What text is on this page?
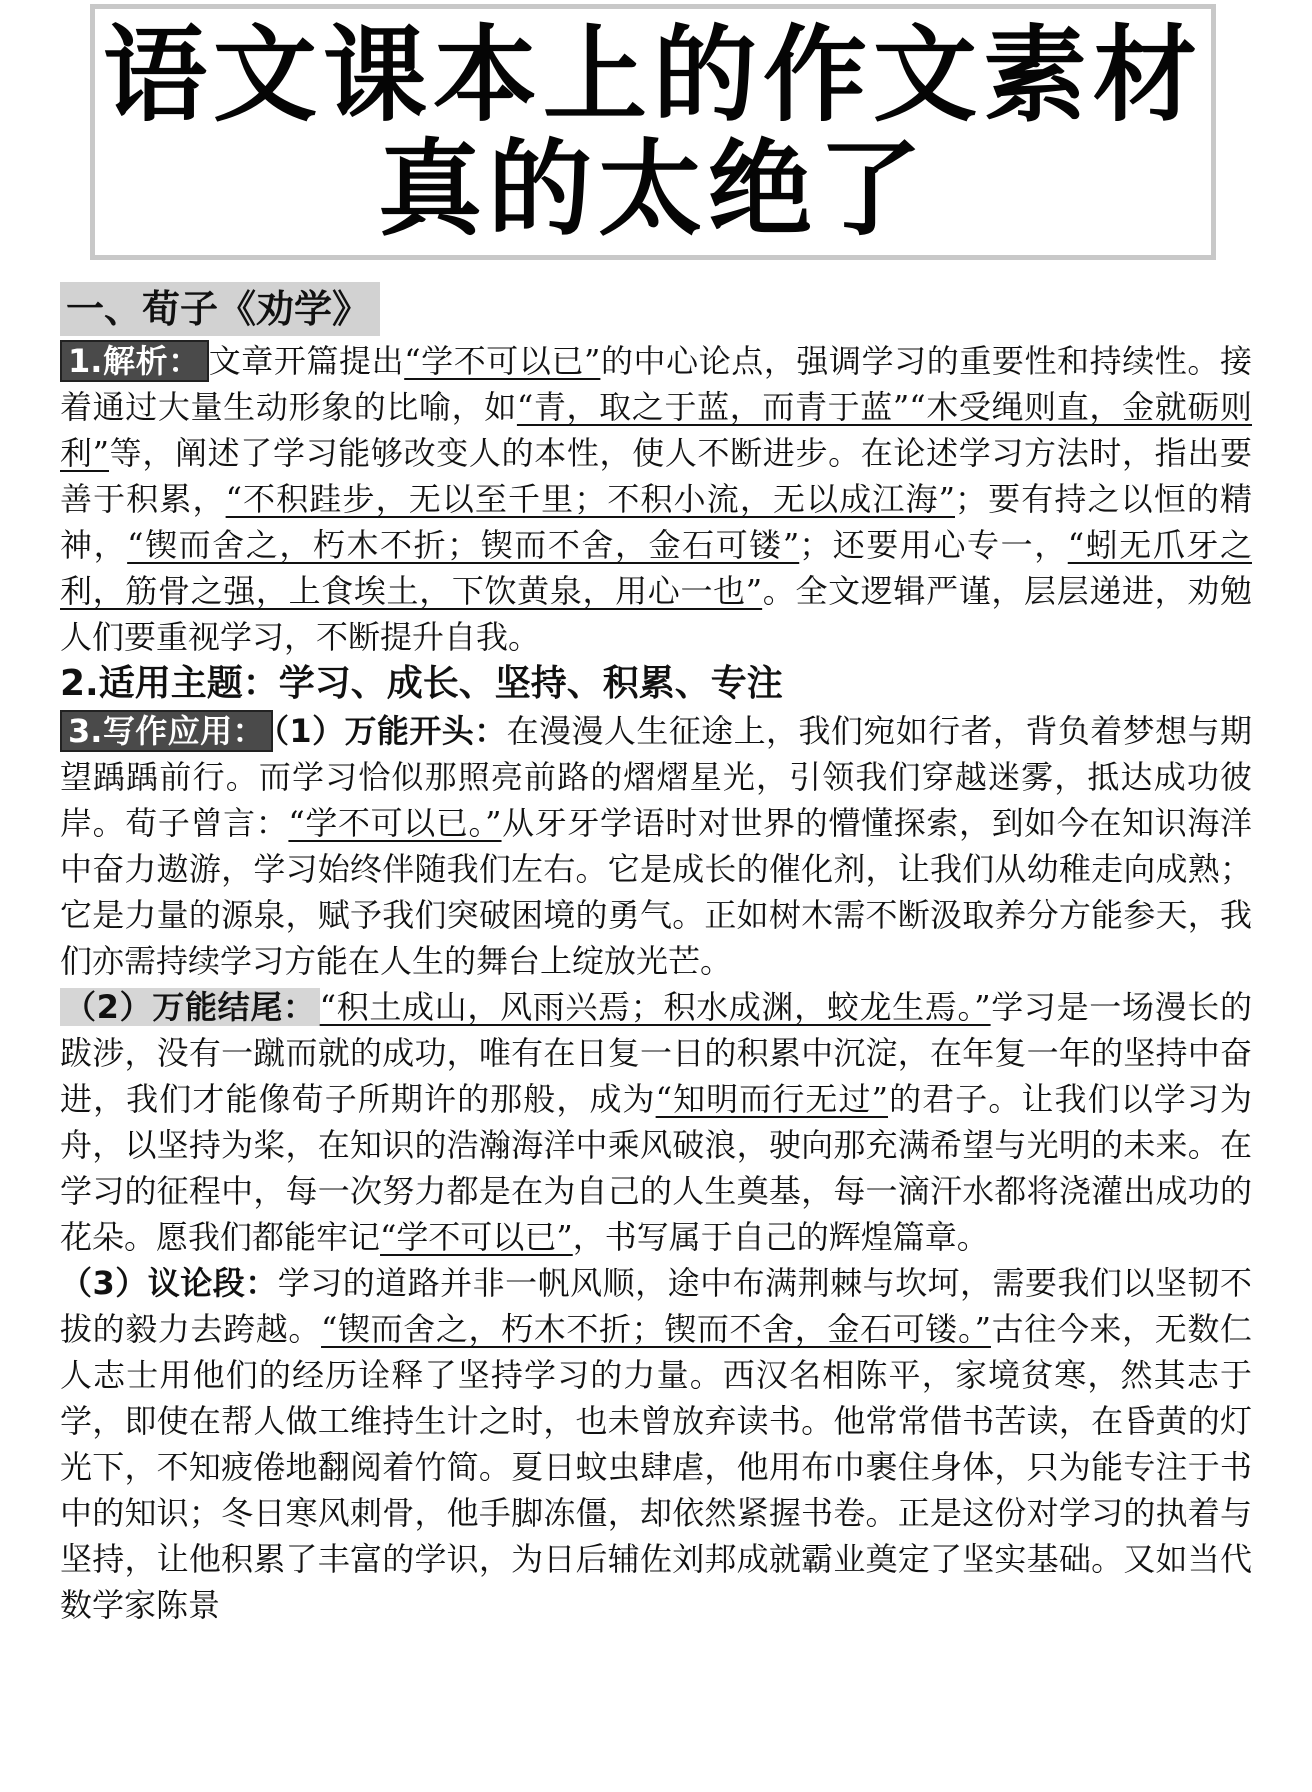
语文课本上的作文素材
真的太绝了
一、荀子《劝学》

1.解析： 文章开篇提出“学不可以已”的中心论点，强调学习的重要性和持续性。接着通过大量生动形象的比喻，如“青，取之于蓝，而青于蓝”“木受绳则直，金就砺则利”等，阐述了学习能够改变人的本性，使人不断进步。在论述学习方法时，指出要善于积累，“不积跬步，无以至千里；不积小流，无以成江海”；要有持之以恒的精神，“锲而舍之，朽木不折；锲而不舍，金石可镂”；还要用心专一，“蚓无爪牙之利，筋骨之强，上食埃土，下饮黄泉，用心一也”。全文逻辑严谨，层层递进，劝勉人们要重视学习，不断提升自我。

2.适用主题：学习、成长、坚持、积累、专注

3.写作应用： （1）万能开头：在漫漫人生征途上，我们宛如行者，背负着梦想与期望踽踽前行。而学习恰似那照亮前路的熠熠星光，引领我们穿越迷雾，抵达成功彼岸。荀子曾言：“学不可以已。”从牙牙学语时对世界的懵懂探索，到如今在知识海洋中奋力遨游，学习始终伴随我们左右。它是成长的催化剂，让我们从幼稚走向成熟；它是力量的源泉，赋予我们突破困境的勇气。正如树木需不断汲取养分方能参天，我们亦需持续学习方能在人生的舞台上绽放光芒。

（2）万能结尾： “积土成山，风雨兴焉；积水成渊，蛟龙生焉。”学习是一场漫长的跋涉，没有一蹴而就的成功，唯有在日复一日的积累中沉淀，在年复一年的坚持中奋进，我们才能像荀子所期许的那般，成为“知明而行无过”的君子。让我们以学习为舟，以坚持为桨，在知识的浩瀚海洋中乘风破浪，驶向那充满希望与光明的未来。在学习的征程中，每一次努力都是在为自己的人生奠基，每一滴汗水都将浇灌出成功的花朵。愿我们都能牢记“学不可以已”，书写属于自己的辉煌篇章。

（3）议论段：学习的道路并非一帆风顺，途中布满荆棘与坎坷，需要我们以坚韧不拔的毅力去跨越。“锲而舍之，朽木不折；锲而不舍，金石可镂。”古往今来，无数仁人志士用他们的经历诠释了坚持学习的力量。西汉名相陈平，家境贫寒，然其志于学，即使在帮人做工维持生计之时，也未曾放弃读书。他常常借书苦读，在昏黄的灯光下，不知疲倦地翻阅着竹简。夏日蚊虫肆虐，他用布巾裹住身体，只为能专注于书中的知识；冬日寒风刺骨，他手脚冻僵，却依然紧握书卷。正是这份对学习的执着与坚持，让他积累了丰富的学识，为日后辅佐刘邦成就霸业奠定了坚实基础。又如当代数学家陈景
